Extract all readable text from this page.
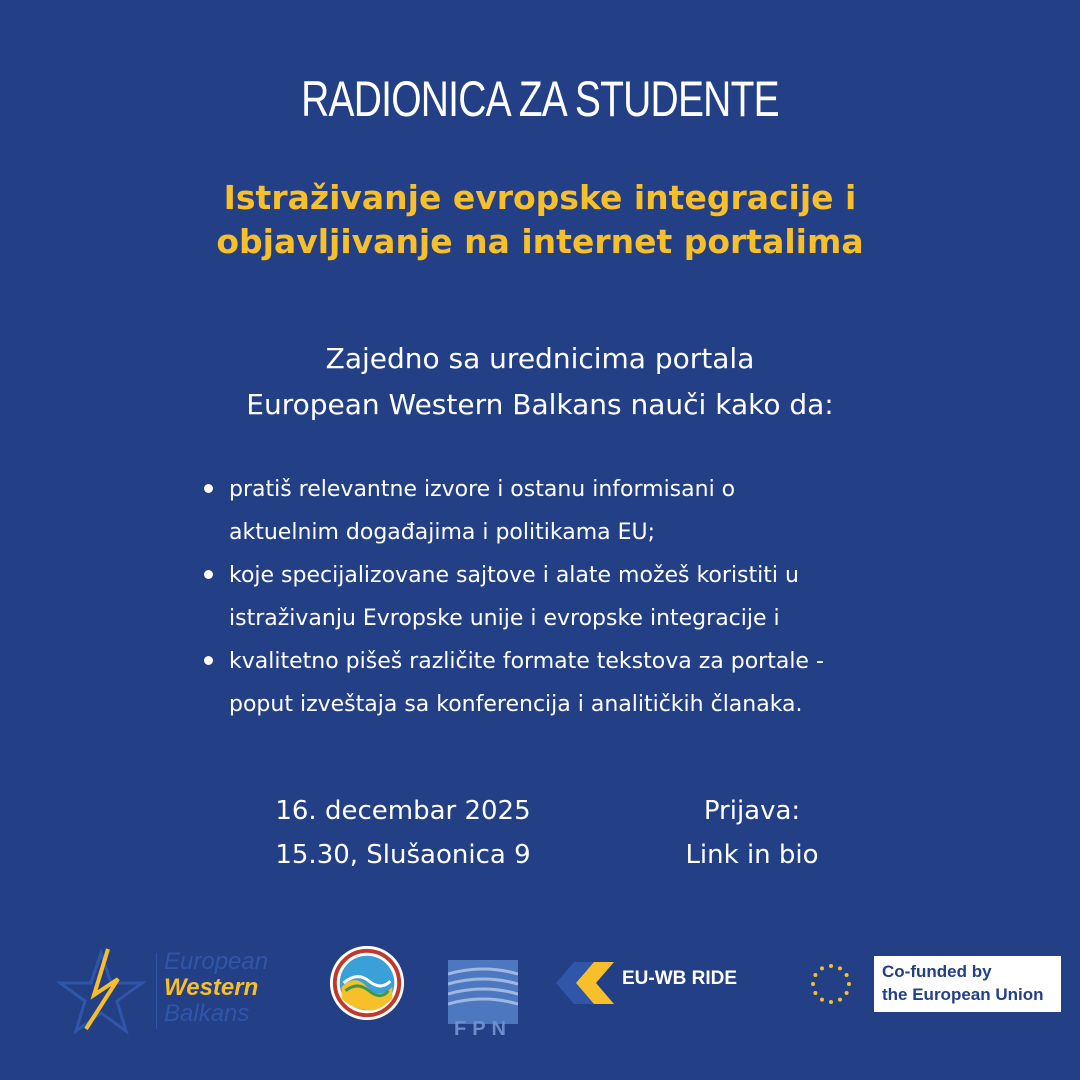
RADIONICA ZA STUDENTE
Istraživanje evropske integracije i
objavljivanje na internet portalima
Zajedno sa urednicima portala
European Western Balkans nauči kako da:
pratiš relevantne izvore i ostanu informisani o
aktuelnim događajima i politikama EU;
koje specijalizovane sajtove i alate možeš koristiti u
istraživanju Evropske unije i evropske integracije i
kvalitetno pišeš različite formate tekstova za portale -
poput izveštaja sa konferencija i analitičkih članaka.
16. decembar 2025
15.30, Slušaonica 9
Prijava:
Link in bio
European
Western
Balkans
FPN
EU-WB RIDE	Co-funded by
the European Union
